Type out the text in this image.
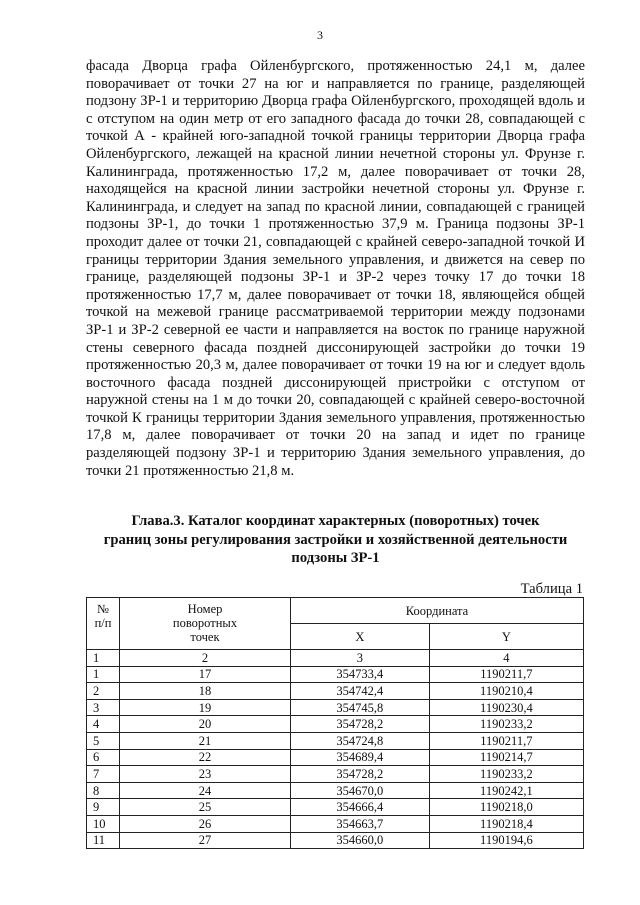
3
фасада Дворца графа Ойленбургского, протяженностью 24,1 м, далее поворачивает от точки 27 на юг и направляется по границе, разделяющей подзону ЗР-1 и территорию Дворца графа Ойленбургского, проходящей вдоль и с отступом на один метр от его западного фасада до точки 28, совпадающей с точкой А - крайней юго-западной точкой границы территории Дворца графа Ойленбургского, лежащей на красной линии нечетной стороны ул. Фрунзе г. Калининграда, протяженностью 17,2 м, далее поворачивает от точки 28, находящейся на красной линии застройки нечетной стороны ул. Фрунзе г. Калининграда, и следует на запад по красной линии, совпадающей с границей подзоны ЗР-1, до точки 1 протяженностью 37,9 м. Граница подзоны ЗР-1 проходит далее от точки 21, совпадающей с крайней северо-западной точкой И границы территории Здания земельного управления, и движется на север по границе, разделяющей подзоны ЗР-1 и ЗР-2 через точку 17 до точки 18 протяженностью 17,7 м, далее поворачивает от точки 18, являющейся общей точкой на межевой границе рассматриваемой территории между подзонами ЗР-1 и ЗР-2 северной ее части и направляется на восток по границе наружной стены северного фасада поздней диссонирующей застройки до точки 19 протяженностью 20,3 м, далее поворачивает от точки 19 на юг и следует вдоль восточного фасада поздней диссонирующей пристройки с отступом от наружной стены на 1 м до точки 20, совпадающей с крайней северо-восточной точкой К границы территории Здания земельного управления, протяженностью 17,8 м, далее поворачивает от точки 20 на запад и идет по границе разделяющей подзону ЗР-1 и территорию Здания земельного управления, до точки 21 протяженностью 21,8 м.
Глава.3. Каталог координат характерных (поворотных) точек
границ зоны регулирования застройки и хозяйственной деятельности
подзоны ЗР-1
Таблица 1
№
п/п	Номер
поворотных
точек	Координата	
		X	Y
1	2	3	4
1	17	354733,4	1190211,7
2	18	354742,4	1190210,4
3	19	354745,8	1190230,4
4	20	354728,2	1190233,2
5	21	354724,8	1190211,7
6	22	354689,4	1190214,7
7	23	354728,2	1190233,2
8	24	354670,0	1190242,1
9	25	354666,4	1190218,0
10	26	354663,7	1190218,4
11	27	354660,0	1190194,6
